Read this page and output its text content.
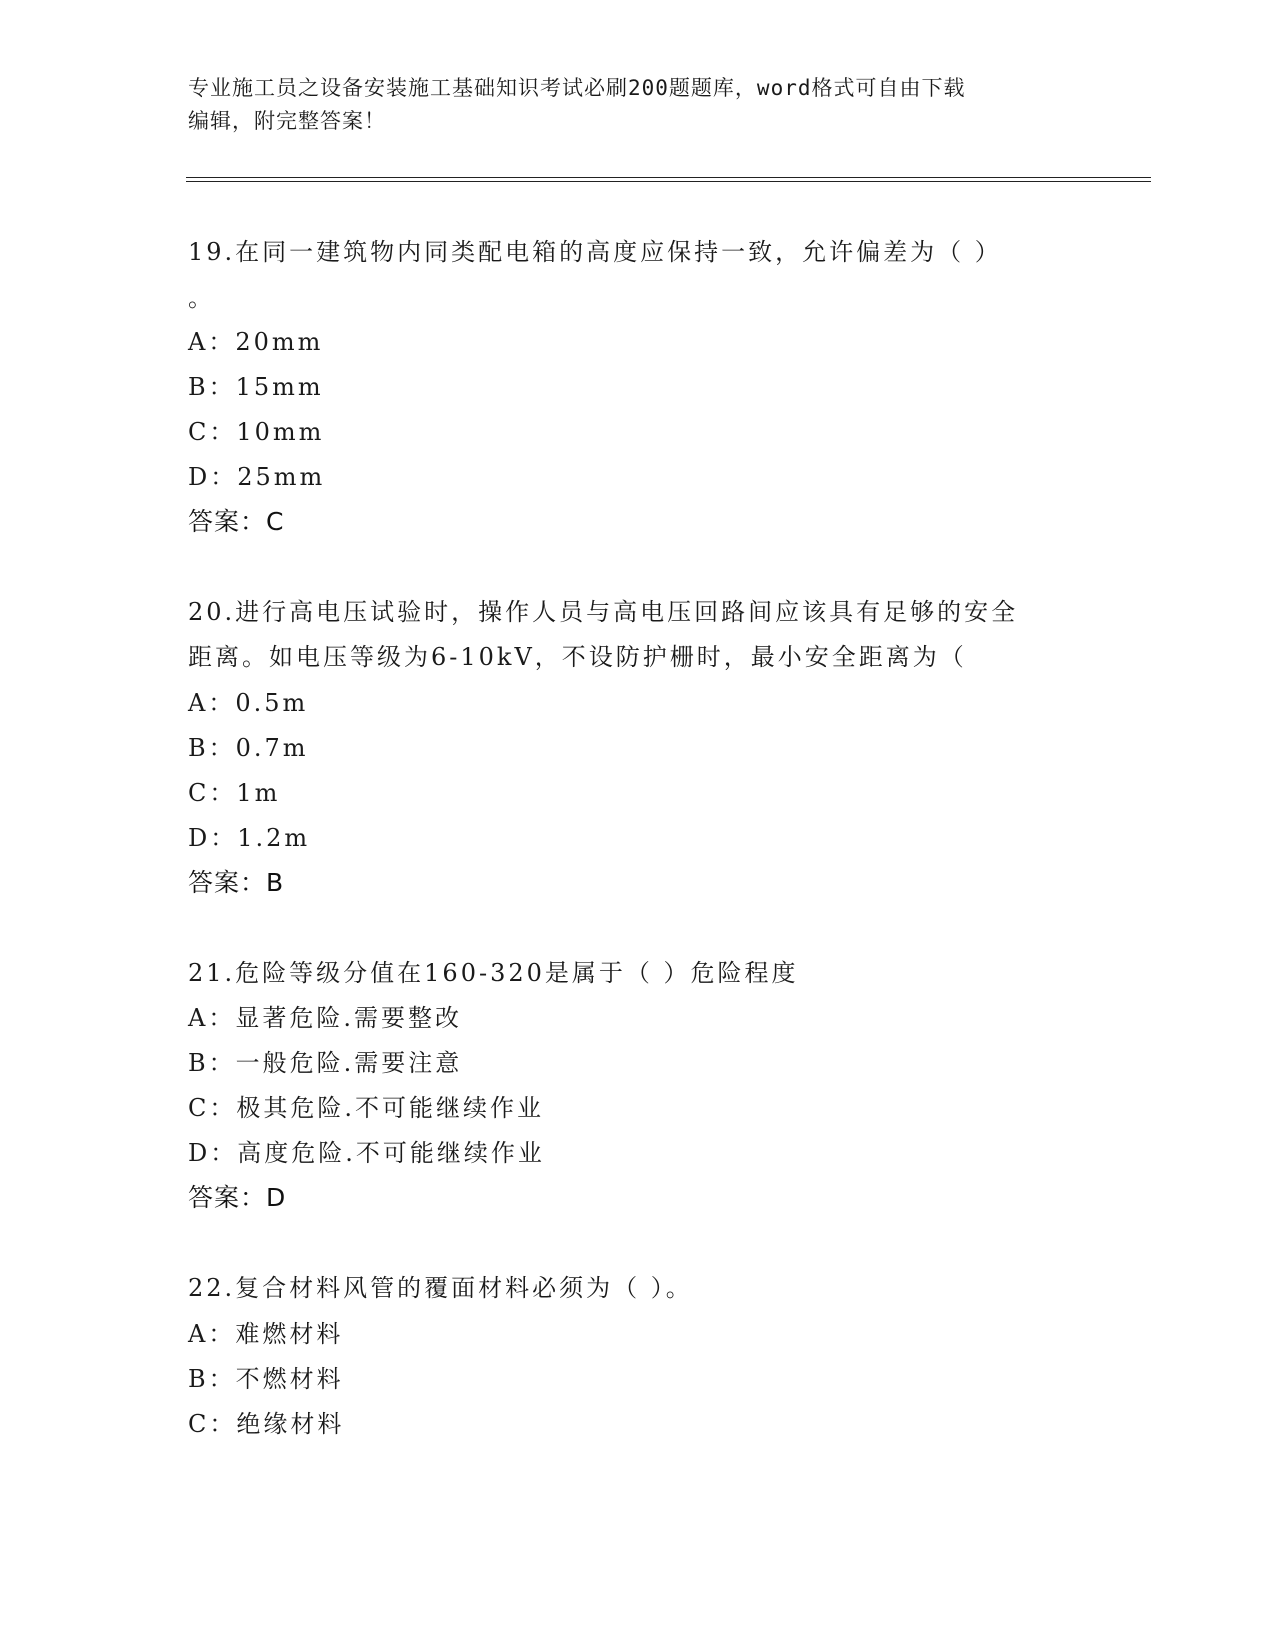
专业施工员之设备安装施工基础知识考试必刷200题题库，word格式可自由下载
编辑，附完整答案！
19.在同一建筑物内同类配电箱的高度应保持一致，允许偏差为（ ）
。
A：20mm
B：15mm
C：10mm
D：25mm
答案：C
20.进行高电压试验时，操作人员与高电压回路间应该具有足够的安全
距离。如电压等级为6-10kV，不设防护栅时，最小安全距离为（
A：0.5m
B：0.7m
C：1m
D：1.2m
答案：B
21.危险等级分值在160-320是属于（ ）危险程度
A：显著危险.需要整改
B：一般危险.需要注意
C：极其危险.不可能继续作业
D：高度危险.不可能继续作业
答案：D
22.复合材料风管的覆面材料必须为（ ）。
A：难燃材料
B：不燃材料
C：绝缘材料
